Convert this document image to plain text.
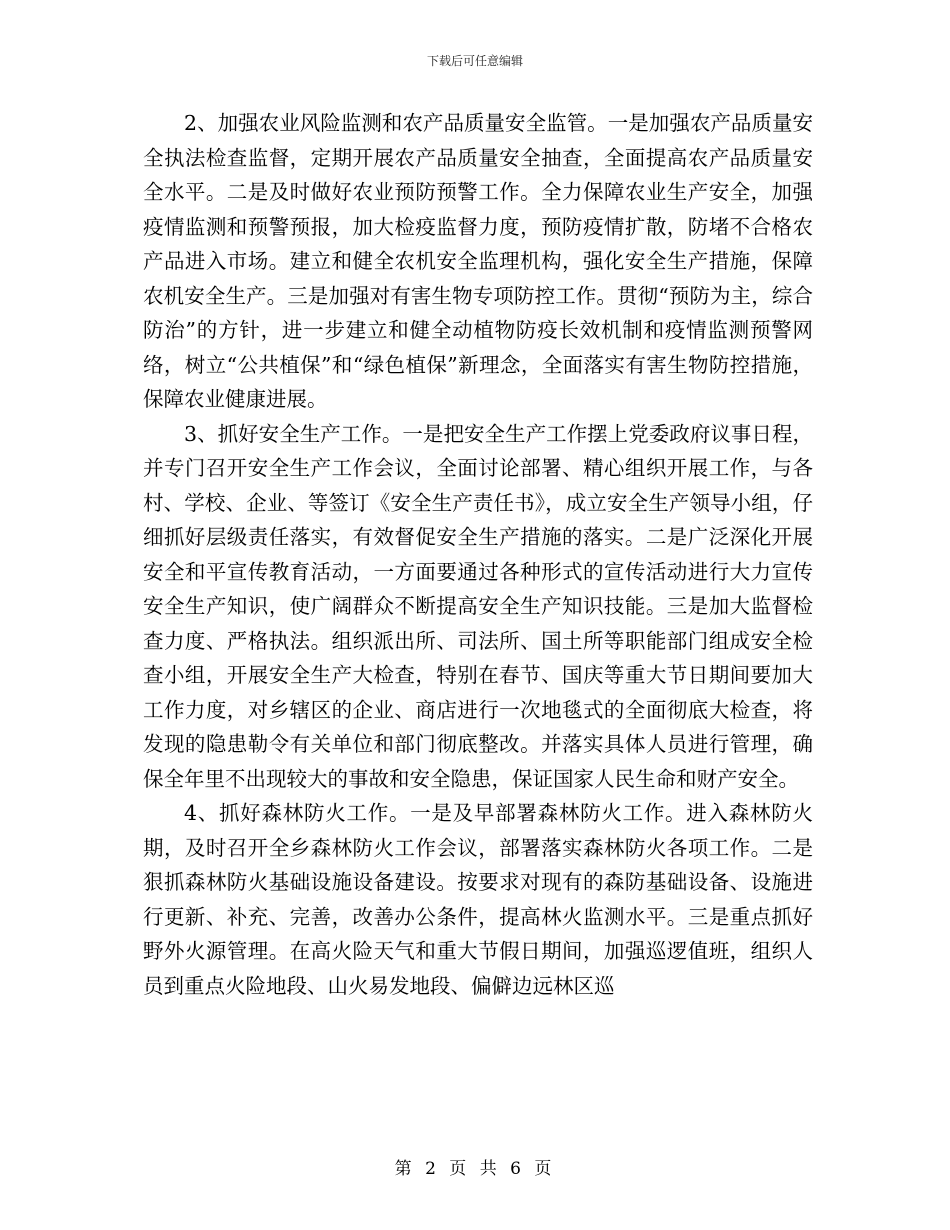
下载后可任意编辑

2、加强农业风险监测和农产品质量安全监管。一是加强农产品质量安全执法检查监督，定期开展农产品质量安全抽查，全面提高农产品质量安全水平。二是及时做好农业预防预警工作。全力保障农业生产安全，加强疫情监测和预警预报，加大检疫监督力度，预防疫情扩散，防堵不合格农产品进入市场。建立和健全农机安全监理机构，强化安全生产措施，保障农机安全生产。三是加强对有害生物专项防控工作。贯彻“预防为主，综合防治”的方针，进一步建立和健全动植物防疫长效机制和疫情监测预警网络，树立“公共植保”和“绿色植保”新理念，全面落实有害生物防控措施，保障农业健康进展。

3、抓好安全生产工作。一是把安全生产工作摆上党委政府议事日程，并专门召开安全生产工作会议，全面讨论部署、精心组织开展工作，与各村、学校、企业、等签订《安全生产责任书》，成立安全生产领导小组，仔细抓好层级责任落实，有效督促安全生产措施的落实。二是广泛深化开展安全和平宣传教育活动，一方面要通过各种形式的宣传活动进行大力宣传安全生产知识，使广阔群众不断提高安全生产知识技能。三是加大监督检查力度、严格执法。组织派出所、司法所、国土所等职能部门组成安全检查小组，开展安全生产大检查，特别在春节、国庆等重大节日期间要加大工作力度，对乡辖区的企业、商店进行一次地毯式的全面彻底大检查，将发现的隐患勒令有关单位和部门彻底整改。并落实具体人员进行管理，确保全年里不出现较大的事故和安全隐患，保证国家人民生命和财产安全。

4、抓好森林防火工作。一是及早部署森林防火工作。进入森林防火期，及时召开全乡森林防火工作会议，部署落实森林防火各项工作。二是狠抓森林防火基础设施设备建设。按要求对现有的森防基础设备、设施进行更新、补充、完善，改善办公条件，提高林火监测水平。三是重点抓好野外火源管理。在高火险天气和重大节假日期间，加强巡逻值班，组织人员到重点火险地段、山火易发地段、偏僻边远林区巡

第 2 页 共 6 页
